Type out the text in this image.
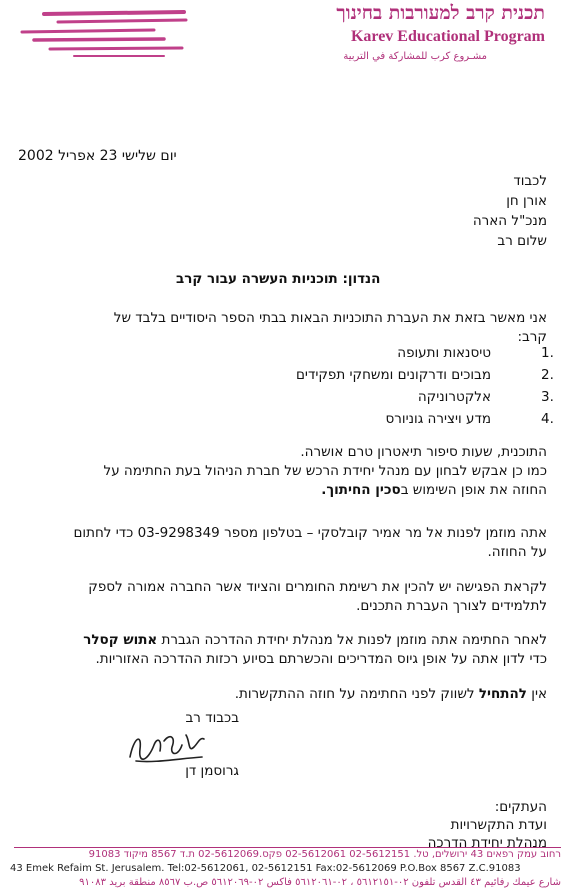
תכנית קרב למעורבות בחינוך
Karev Educational Program
مشـروع كرب للمشاركة في التربية
יום שלישי 23 אפריל 2002
לכבוד
אורן חן
מנכ"ל הארה
שלום רב
הנדון: תוכניות העשרה עבור קרב
אני מאשר בזאת את העברת התוכניות הבאות בבתי הספר היסודיים בלבד של
קרב:
1.
טיסנאות ותעופה
2.
מבוכים ודרקונים ומשחקי תפקידים
3.
אלקטרוניקה
4.
מדע ויצירה גוניורס
התוכנית, שעות סיפור תיאטרון טרם אושרה.
כמו כן אבקש לבחון עם מנהל יחידת הרכש של חברת הניהול בעת החתימה על
החוזה את אופן השימוש בסכין החיתוך.
אתה מוזמן לפנות אל מר אמיר קובלסקי – בטלפון מספר 03-9298349 כדי לחתום
על החוזה.
לקראת הפגישה יש להכין את רשימת החומרים והציוד אשר החברה אמורה לספק
לתלמידים לצורך העברת התכנים.
לאחר החתימה אתה מוזמן לפנות אל מנהלת יחידת ההדרכה הגברת אתוש קסלר
כדי לדון אתה על אופן גיוס המדריכים והכשרתם בסיוע רכזות ההדרכה האזוריות.
אין להתחיל לשווק לפני החתימה על חוזה ההתקשרות.
בכבוד רב
גרוסמן דן
העתקים:
ועדת התקשרויות
מנהלת יחידת הדרכה
רחוב עמק רפאים 43 ירושלים, טל. 02-5612151 02-5612061 פקס.02-5612069 ת.ד 8567 מיקוד 91083
43 Emek Refaim St. Jerusalem. Tel:02-5612061, 02-5612151 Fax:02-5612069 P.O.Box 8567 Z.C.91083
شارع عيمك رفائيم ٤٣ القدس تلفون ٠٢-٥٦١٢١٥١ ، ٠٢-٥٦١٢٠٦١ فاكس ٠٢-٥٦١٢٠٦٩ ص.ب ٨٥٦٧ منطقة بريد ٩١٠٨٣
